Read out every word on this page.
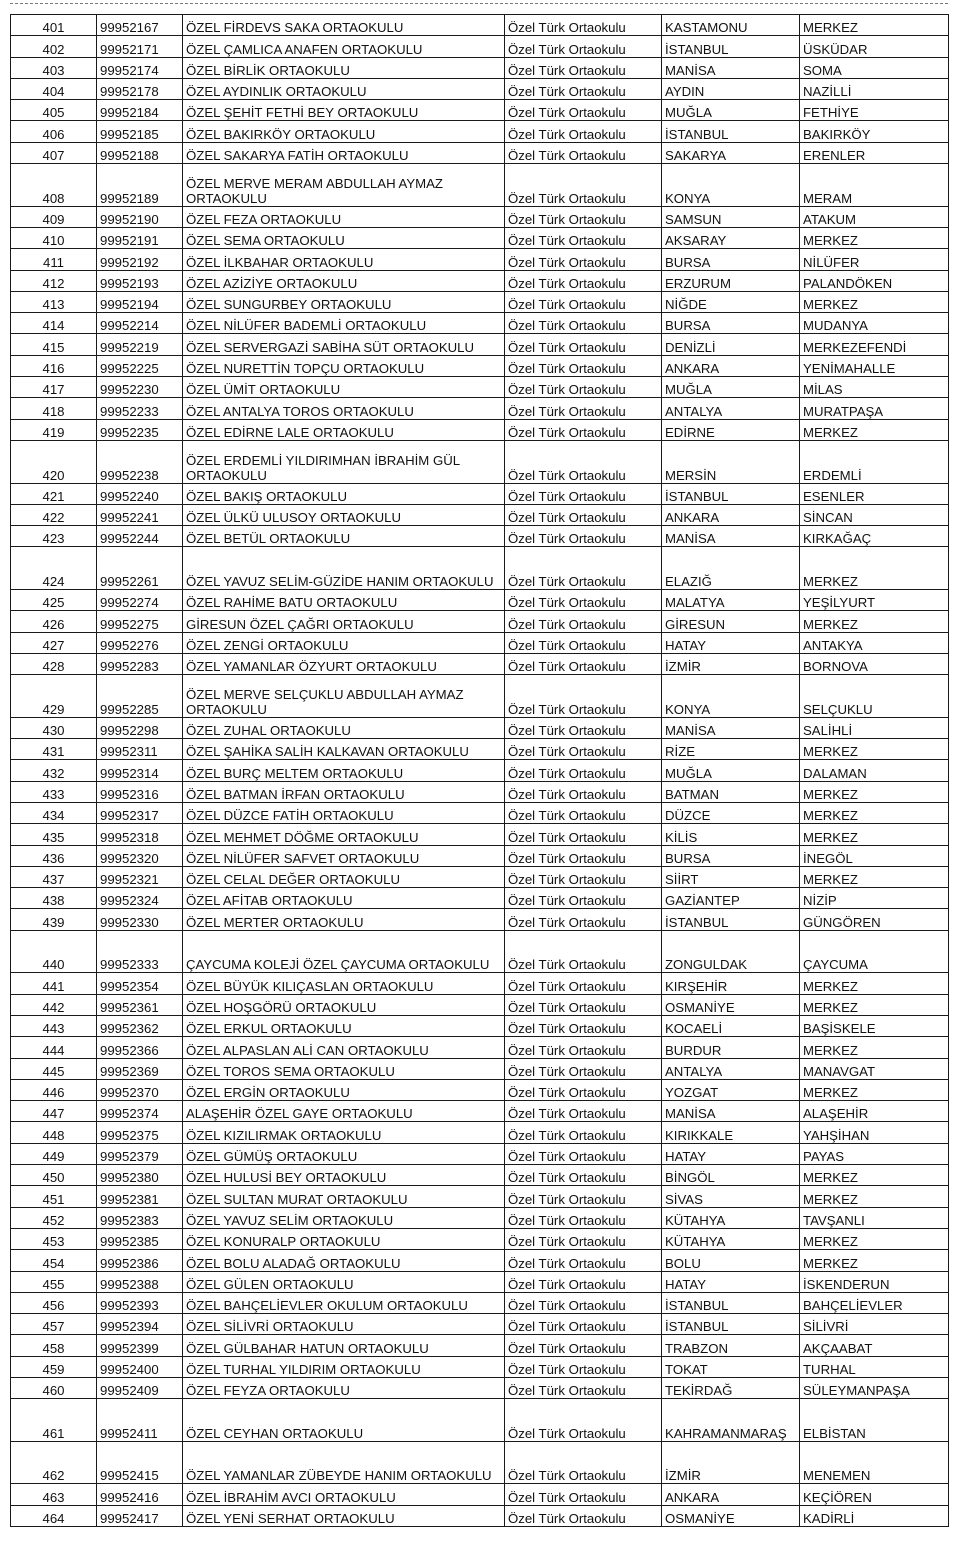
401	99952167	ÖZEL FİRDEVS SAKA ORTAOKULU	Özel Türk Ortaokulu	KASTAMONU	MERKEZ
402	99952171	ÖZEL ÇAMLICA ANAFEN ORTAOKULU	Özel Türk Ortaokulu	İSTANBUL	ÜSKÜDAR
403	99952174	ÖZEL BİRLİK ORTAOKULU	Özel Türk Ortaokulu	MANİSA	SOMA
404	99952178	ÖZEL AYDINLIK ORTAOKULU	Özel Türk Ortaokulu	AYDIN	NAZİLLİ
405	99952184	ÖZEL ŞEHİT FETHİ BEY ORTAOKULU	Özel Türk Ortaokulu	MUĞLA	FETHİYE
406	99952185	ÖZEL BAKIRKÖY ORTAOKULU	Özel Türk Ortaokulu	İSTANBUL	BAKIRKÖY
407	99952188	ÖZEL SAKARYA FATİH ORTAOKULU	Özel Türk Ortaokulu	SAKARYA	ERENLER
408	99952189	ÖZEL MERVE MERAM ABDULLAH AYMAZ ORTAOKULU	Özel Türk Ortaokulu	KONYA	MERAM
409	99952190	ÖZEL FEZA ORTAOKULU	Özel Türk Ortaokulu	SAMSUN	ATAKUM
410	99952191	ÖZEL SEMA ORTAOKULU	Özel Türk Ortaokulu	AKSARAY	MERKEZ
411	99952192	ÖZEL İLKBAHAR ORTAOKULU	Özel Türk Ortaokulu	BURSA	NİLÜFER
412	99952193	ÖZEL AZİZİYE ORTAOKULU	Özel Türk Ortaokulu	ERZURUM	PALANDÖKEN
413	99952194	ÖZEL SUNGURBEY ORTAOKULU	Özel Türk Ortaokulu	NİĞDE	MERKEZ
414	99952214	ÖZEL NİLÜFER BADEMLİ ORTAOKULU	Özel Türk Ortaokulu	BURSA	MUDANYA
415	99952219	ÖZEL SERVERGAZİ SABİHA SÜT ORTAOKULU	Özel Türk Ortaokulu	DENİZLİ	MERKEZEFENDİ
416	99952225	ÖZEL NURETTİN TOPÇU ORTAOKULU	Özel Türk Ortaokulu	ANKARA	YENİMAHALLE
417	99952230	ÖZEL ÜMİT ORTAOKULU	Özel Türk Ortaokulu	MUĞLA	MİLAS
418	99952233	ÖZEL ANTALYA TOROS ORTAOKULU	Özel Türk Ortaokulu	ANTALYA	MURATPAŞA
419	99952235	ÖZEL EDİRNE LALE ORTAOKULU	Özel Türk Ortaokulu	EDİRNE	MERKEZ
420	99952238	ÖZEL ERDEMLİ YILDIRIMHAN İBRAHİM GÜL ORTAOKULU	Özel Türk Ortaokulu	MERSİN	ERDEMLİ
421	99952240	ÖZEL BAKIŞ ORTAOKULU	Özel Türk Ortaokulu	İSTANBUL	ESENLER
422	99952241	ÖZEL ÜLKÜ ULUSOY ORTAOKULU	Özel Türk Ortaokulu	ANKARA	SİNCAN
423	99952244	ÖZEL BETÜL ORTAOKULU	Özel Türk Ortaokulu	MANİSA	KIRKAĞAÇ
424	99952261	ÖZEL YAVUZ SELİM-GÜZİDE HANIM ORTAOKULU	Özel Türk Ortaokulu	ELAZIĞ	MERKEZ
425	99952274	ÖZEL RAHİME BATU ORTAOKULU	Özel Türk Ortaokulu	MALATYA	YEŞİLYURT
426	99952275	GİRESUN ÖZEL ÇAĞRI ORTAOKULU	Özel Türk Ortaokulu	GİRESUN	MERKEZ
427	99952276	ÖZEL ZENGİ ORTAOKULU	Özel Türk Ortaokulu	HATAY	ANTAKYA
428	99952283	ÖZEL YAMANLAR ÖZYURT ORTAOKULU	Özel Türk Ortaokulu	İZMİR	BORNOVA
429	99952285	ÖZEL MERVE SELÇUKLU ABDULLAH AYMAZ ORTAOKULU	Özel Türk Ortaokulu	KONYA	SELÇUKLU
430	99952298	ÖZEL ZUHAL ORTAOKULU	Özel Türk Ortaokulu	MANİSA	SALİHLİ
431	99952311	ÖZEL ŞAHİKA SALİH KALKAVAN ORTAOKULU	Özel Türk Ortaokulu	RİZE	MERKEZ
432	99952314	ÖZEL BURÇ MELTEM ORTAOKULU	Özel Türk Ortaokulu	MUĞLA	DALAMAN
433	99952316	ÖZEL BATMAN İRFAN ORTAOKULU	Özel Türk Ortaokulu	BATMAN	MERKEZ
434	99952317	ÖZEL DÜZCE FATİH ORTAOKULU	Özel Türk Ortaokulu	DÜZCE	MERKEZ
435	99952318	ÖZEL MEHMET DÖĞME ORTAOKULU	Özel Türk Ortaokulu	KİLİS	MERKEZ
436	99952320	ÖZEL NİLÜFER SAFVET ORTAOKULU	Özel Türk Ortaokulu	BURSA	İNEGÖL
437	99952321	ÖZEL CELAL DEĞER ORTAOKULU	Özel Türk Ortaokulu	SİİRT	MERKEZ
438	99952324	ÖZEL AFİTAB ORTAOKULU	Özel Türk Ortaokulu	GAZİANTEP	NİZİP
439	99952330	ÖZEL MERTER ORTAOKULU	Özel Türk Ortaokulu	İSTANBUL	GÜNGÖREN
440	99952333	ÇAYCUMA KOLEJİ ÖZEL ÇAYCUMA ORTAOKULU	Özel Türk Ortaokulu	ZONGULDAK	ÇAYCUMA
441	99952354	ÖZEL BÜYÜK KILIÇASLAN ORTAOKULU	Özel Türk Ortaokulu	KIRŞEHİR	MERKEZ
442	99952361	ÖZEL HOŞGÖRÜ ORTAOKULU	Özel Türk Ortaokulu	OSMANİYE	MERKEZ
443	99952362	ÖZEL ERKUL ORTAOKULU	Özel Türk Ortaokulu	KOCAELİ	BAŞİSKELE
444	99952366	ÖZEL ALPASLAN ALİ CAN ORTAOKULU	Özel Türk Ortaokulu	BURDUR	MERKEZ
445	99952369	ÖZEL TOROS SEMA ORTAOKULU	Özel Türk Ortaokulu	ANTALYA	MANAVGAT
446	99952370	ÖZEL ERGİN ORTAOKULU	Özel Türk Ortaokulu	YOZGAT	MERKEZ
447	99952374	ALAŞEHİR ÖZEL GAYE ORTAOKULU	Özel Türk Ortaokulu	MANİSA	ALAŞEHİR
448	99952375	ÖZEL KIZILIRMAK ORTAOKULU	Özel Türk Ortaokulu	KIRIKKALE	YAHŞİHAN
449	99952379	ÖZEL GÜMÜŞ ORTAOKULU	Özel Türk Ortaokulu	HATAY	PAYAS
450	99952380	ÖZEL HULUSİ BEY ORTAOKULU	Özel Türk Ortaokulu	BİNGÖL	MERKEZ
451	99952381	ÖZEL SULTAN MURAT ORTAOKULU	Özel Türk Ortaokulu	SİVAS	MERKEZ
452	99952383	ÖZEL YAVUZ SELİM ORTAOKULU	Özel Türk Ortaokulu	KÜTAHYA	TAVŞANLI
453	99952385	ÖZEL KONURALP ORTAOKULU	Özel Türk Ortaokulu	KÜTAHYA	MERKEZ
454	99952386	ÖZEL BOLU ALADAĞ ORTAOKULU	Özel Türk Ortaokulu	BOLU	MERKEZ
455	99952388	ÖZEL GÜLEN ORTAOKULU	Özel Türk Ortaokulu	HATAY	İSKENDERUN
456	99952393	ÖZEL BAHÇELİEVLER OKULUM ORTAOKULU	Özel Türk Ortaokulu	İSTANBUL	BAHÇELİEVLER
457	99952394	ÖZEL SİLİVRİ ORTAOKULU	Özel Türk Ortaokulu	İSTANBUL	SİLİVRİ
458	99952399	ÖZEL GÜLBAHAR HATUN ORTAOKULU	Özel Türk Ortaokulu	TRABZON	AKÇAABAT
459	99952400	ÖZEL TURHAL YILDIRIM ORTAOKULU	Özel Türk Ortaokulu	TOKAT	TURHAL
460	99952409	ÖZEL FEYZA ORTAOKULU	Özel Türk Ortaokulu	TEKİRDAĞ	SÜLEYMANPAŞA
461	99952411	ÖZEL CEYHAN ORTAOKULU	Özel Türk Ortaokulu	KAHRAMANMARAŞ	ELBİSTAN
462	99952415	ÖZEL YAMANLAR ZÜBEYDE HANIM ORTAOKULU	Özel Türk Ortaokulu	İZMİR	MENEMEN
463	99952416	ÖZEL İBRAHİM AVCI ORTAOKULU	Özel Türk Ortaokulu	ANKARA	KEÇİÖREN
464	99952417	ÖZEL YENİ SERHAT ORTAOKULU	Özel Türk Ortaokulu	OSMANİYE	KADİRLİ
